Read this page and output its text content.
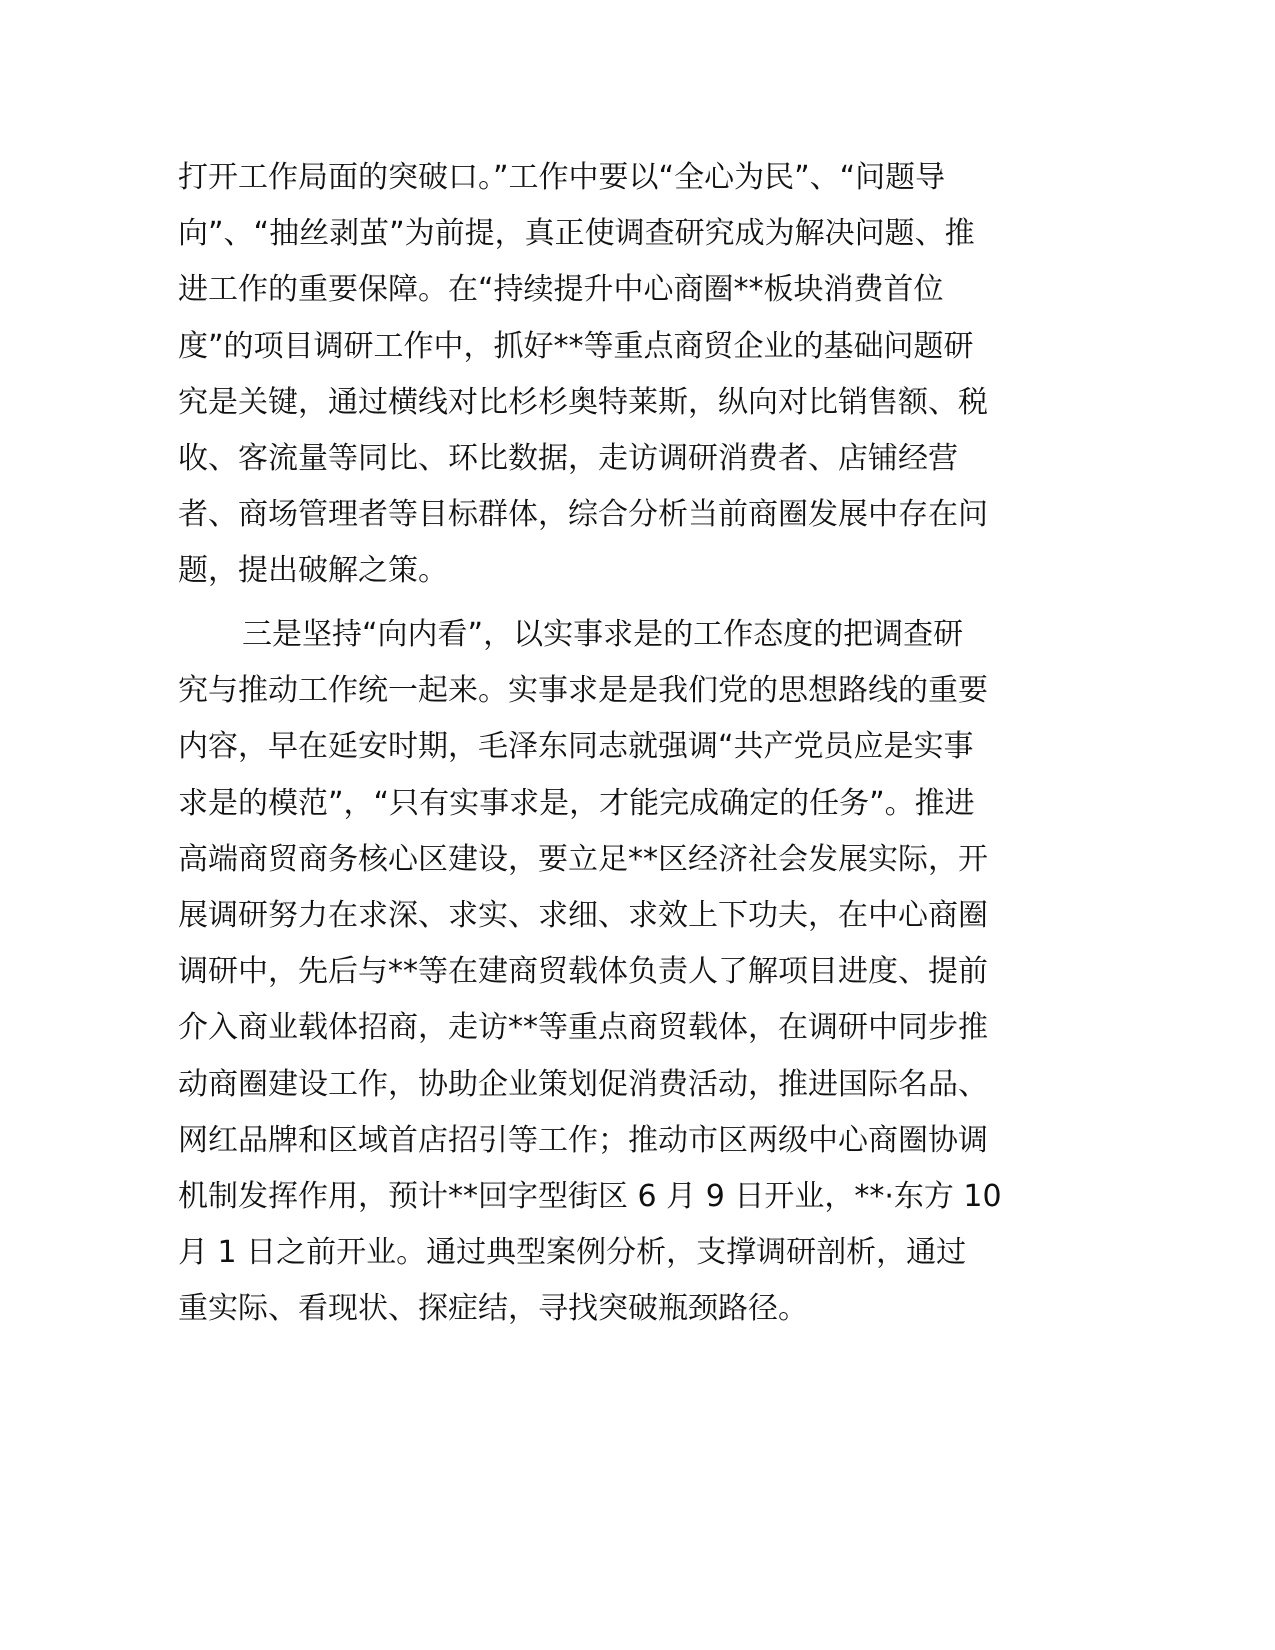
打开工作局面的突破口。”工作中要以“全心为民”、“问题导
向”、“抽丝剥茧”为前提，真正使调查研究成为解决问题、推
进工作的重要保障。在“持续提升中心商圈**板块消费首位
度”的项目调研工作中，抓好**等重点商贸企业的基础问题研
究是关键，通过横线对比杉杉奥特莱斯，纵向对比销售额、税
收、客流量等同比、环比数据，走访调研消费者、店铺经营
者、商场管理者等目标群体，综合分析当前商圈发展中存在问
题，提出破解之策。
三是坚持“向内看”，以实事求是的工作态度的把调查研
究与推动工作统一起来。实事求是是我们党的思想路线的重要
内容，早在延安时期，毛泽东同志就强调“共产党员应是实事
求是的模范”，“只有实事求是，才能完成确定的任务”。推进
高端商贸商务核心区建设，要立足**区经济社会发展实际，开
展调研努力在求深、求实、求细、求效上下功夫，在中心商圈
调研中，先后与**等在建商贸载体负责人了解项目进度、提前
介入商业载体招商，走访**等重点商贸载体，在调研中同步推
动商圈建设工作，协助企业策划促消费活动，推进国际名品、
网红品牌和区域首店招引等工作；推动市区两级中心商圈协调
机制发挥作用，预计**回字型街区 6 月 9 日开业，**·东方 10
月 1 日之前开业。通过典型案例分析，支撑调研剖析，通过
重实际、看现状、探症结，寻找突破瓶颈路径。
